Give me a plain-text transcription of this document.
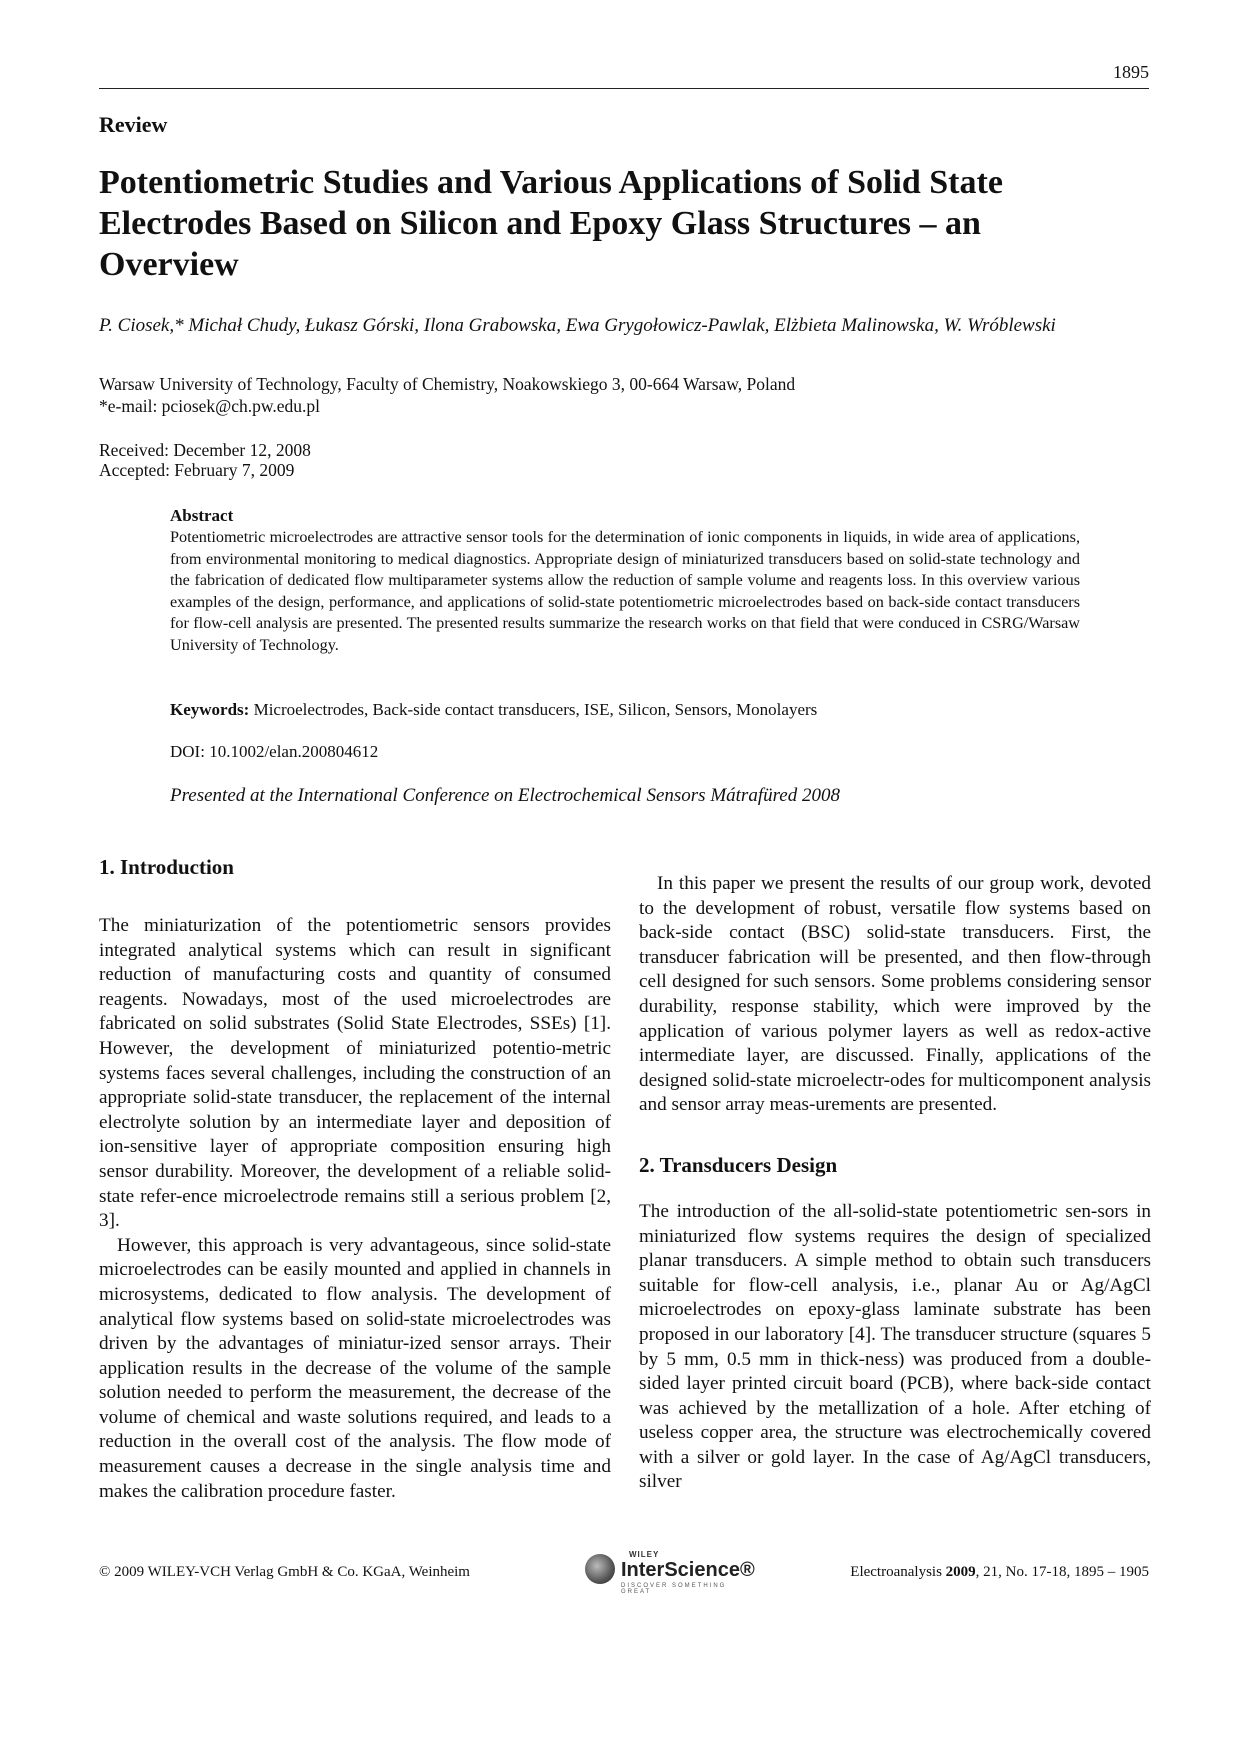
1895
Review
Potentiometric Studies and Various Applications of Solid State Electrodes Based on Silicon and Epoxy Glass Structures – an Overview
P. Ciosek,* Michał Chudy, Łukasz Górski, Ilona Grabowska, Ewa Grygołowicz-Pawlak, Elżbieta Malinowska, W. Wróblewski
Warsaw University of Technology, Faculty of Chemistry, Noakowskiego 3, 00-664 Warsaw, Poland
*e-mail: pciosek@ch.pw.edu.pl
Received: December 12, 2008
Accepted: February 7, 2009
Abstract

Potentiometric microelectrodes are attractive sensor tools for the determination of ionic components in liquids, in wide area of applications, from environmental monitoring to medical diagnostics. Appropriate design of miniaturized transducers based on solid-state technology and the fabrication of dedicated flow multiparameter systems allow the reduction of sample volume and reagents loss. In this overview various examples of the design, performance, and applications of solid-state potentiometric microelectrodes based on back-side contact transducers for flow-cell analysis are presented. The presented results summarize the research works on that field that were conduced in CSRG/Warsaw University of Technology.

Keywords: Microelectrodes, Back-side contact transducers, ISE, Silicon, Sensors, Monolayers
DOI: 10.1002/elan.200804612
Presented at the International Conference on Electrochemical Sensors Mátrafüred 2008
1. Introduction

The miniaturization of the potentiometric sensors provides integrated analytical systems which can result in significant reduction of manufacturing costs and quantity of consumed reagents. Nowadays, most of the used microelectrodes are fabricated on solid substrates (Solid State Electrodes, SSEs) [1]. However, the development of miniaturized potentio-metric systems faces several challenges, including the construction of an appropriate solid-state transducer, the replacement of the internal electrolyte solution by an intermediate layer and deposition of ion-sensitive layer of appropriate composition ensuring high sensor durability. Moreover, the development of a reliable solid-state refer-ence microelectrode remains still a serious problem [2, 3].

However, this approach is very advantageous, since solid-state microelectrodes can be easily mounted and applied in channels in microsystems, dedicated to flow analysis. The development of analytical flow systems based on solid-state microelectrodes was driven by the advantages of miniatur-ized sensor arrays. Their application results in the decrease of the volume of the sample solution needed to perform the measurement, the decrease of the volume of chemical and waste solutions required, and leads to a reduction in the overall cost of the analysis. The flow mode of measurement causes a decrease in the single analysis time and makes the calibration procedure faster.

In this paper we present the results of our group work, devoted to the development of robust, versatile flow systems based on back-side contact (BSC) solid-state transducers. First, the transducer fabrication will be presented, and then flow-through cell designed for such sensors. Some problems considering sensor durability, response stability, which were improved by the application of various polymer layers as well as redox-active intermediate layer, are discussed. Finally, applications of the designed solid-state microelectr-odes for multicomponent analysis and sensor array meas-urements are presented.

2. Transducers Design

The introduction of the all-solid-state potentiometric sen-sors in miniaturized flow systems requires the design of specialized planar transducers. A simple method to obtain such transducers suitable for flow-cell analysis, i.e., planar Au or Ag/AgCl microelectrodes on epoxy-glass laminate substrate has been proposed in our laboratory [4]. The transducer structure (squares 5 by 5 mm, 0.5 mm in thick-ness) was produced from a double-sided layer printed circuit board (PCB), where back-side contact was achieved by the metallization of a hole. After etching of useless copper area, the structure was electrochemically covered with a silver or gold layer. In the case of Ag/AgCl transducers, silver

© 2009 WILEY-VCH Verlag GmbH & Co. KGaA, Weinheim
WILEY
InterScience®
DISCOVER SOMETHING GREAT
Electroanalysis 2009, 21, No. 17-18, 1895 – 1905
